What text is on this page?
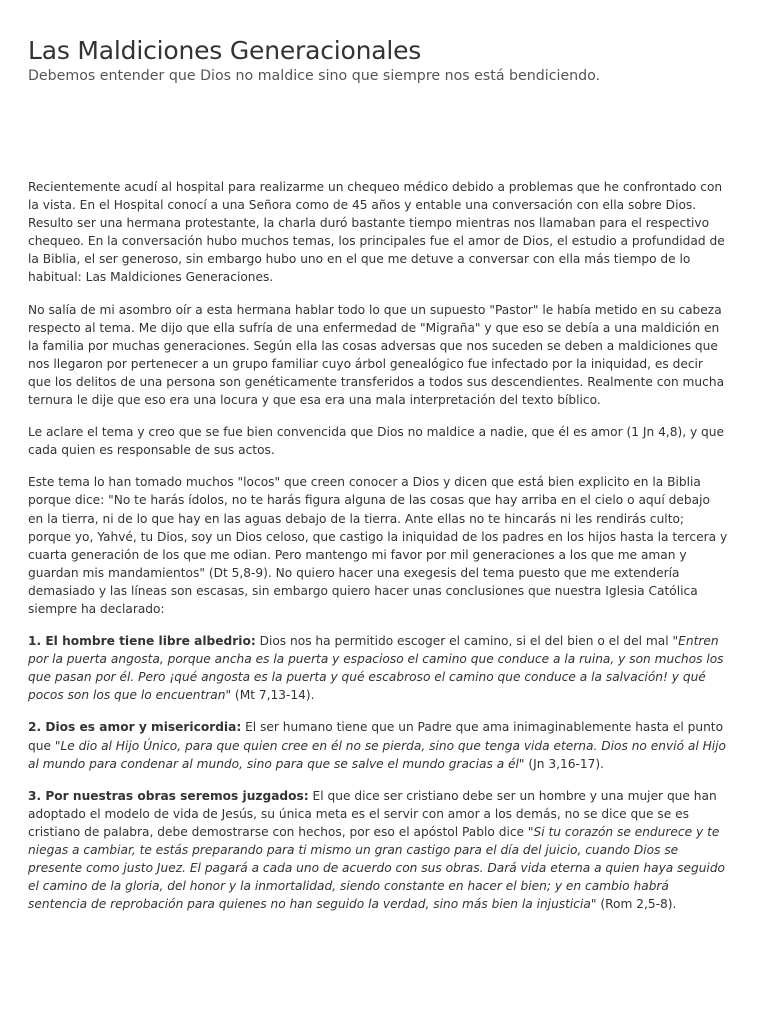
Las Maldiciones Generacionales
Debemos entender que Dios no maldice sino que siempre nos está bendiciendo.

Recientemente acudí al hospital para realizarme un chequeo médico debido a problemas que he confrontado con la vista. En el Hospital conocí a una Señora como de 45 años y entable una conversación con ella sobre Dios. Resulto ser una hermana protestante, la charla duró bastante tiempo mientras nos llamaban para el respectivo chequeo. En la conversación hubo muchos temas, los principales fue el amor de Dios, el estudio a profundidad de la Biblia, el ser generoso, sin embargo hubo uno en el que me detuve a conversar con ella más tiempo de lo habitual: Las Maldiciones Generaciones.

No salía de mi asombro oír a esta hermana hablar todo lo que un supuesto "Pastor" le había metido en su cabeza respecto al tema. Me dijo que ella sufría de una enfermedad de "Migraña" y que eso se debía a una maldición en la familia por muchas generaciones. Según ella las cosas adversas que nos suceden se deben a maldiciones que nos llegaron por pertenecer a un grupo familiar cuyo árbol genealógico fue infectado por la iniquidad, es decir que los delitos de una persona son genéticamente transferidos a todos sus descendientes. Realmente con mucha ternura le dije que eso era una locura y que esa era una mala interpretación del texto bíblico.

Le aclare el tema y creo que se fue bien convencida que Dios no maldice a nadie, que él es amor (1 Jn 4,8), y que cada quien es responsable de sus actos.

Este tema lo han tomado muchos "locos" que creen conocer a Dios y dicen que está bien explicito en la Biblia porque dice: "No te harás ídolos, no te harás figura alguna de las cosas que hay arriba en el cielo o aquí debajo en la tierra, ni de lo que hay en las aguas debajo de la tierra. Ante ellas no te hincarás ni les rendirás culto; porque yo, Yahvé, tu Dios, soy un Dios celoso, que castigo la iniquidad de los padres en los hijos hasta la tercera y cuarta generación de los que me odian. Pero mantengo mi favor por mil generaciones a los que me aman y guardan mis mandamientos" (Dt 5,8-9). No quiero hacer una exegesis del tema puesto que me extendería demasiado y las líneas son escasas, sin embargo quiero hacer unas conclusiones que nuestra Iglesia Católica siempre ha declarado:

1. El hombre tiene libre albedrio: Dios nos ha permitido escoger el camino, si el del bien o el del mal "Entren por la puerta angosta, porque ancha es la puerta y espacioso el camino que conduce a la ruina, y son muchos los que pasan por él. Pero ¡qué angosta es la puerta y qué escabroso el camino que conduce a la salvación! y qué pocos son los que lo encuentran" (Mt 7,13-14).

2. Dios es amor y misericordia: El ser humano tiene que un Padre que ama inimaginablemente hasta el punto que "Le dio al Hijo Único, para que quien cree en él no se pierda, sino que tenga vida eterna. Dios no envió al Hijo al mundo para condenar al mundo, sino para que se salve el mundo gracias a él" (Jn 3,16-17).

3. Por nuestras obras seremos juzgados: El que dice ser cristiano debe ser un hombre y una mujer que han adoptado el modelo de vida de Jesús, su única meta es el servir con amor a los demás, no se dice que se es cristiano de palabra, debe demostrarse con hechos, por eso el apóstol Pablo dice "Si tu corazón se endurece y te niegas a cambiar, te estás preparando para ti mismo un gran castigo para el día del juicio, cuando Dios se presente como justo Juez. El pagará a cada uno de acuerdo con sus obras. Dará vida eterna a quien haya seguido el camino de la gloria, del honor y la inmortalidad, siendo constante en hacer el bien; y en cambio habrá sentencia de reprobación para quienes no han seguido la verdad, sino más bien la injusticia" (Rom 2,5-8).
